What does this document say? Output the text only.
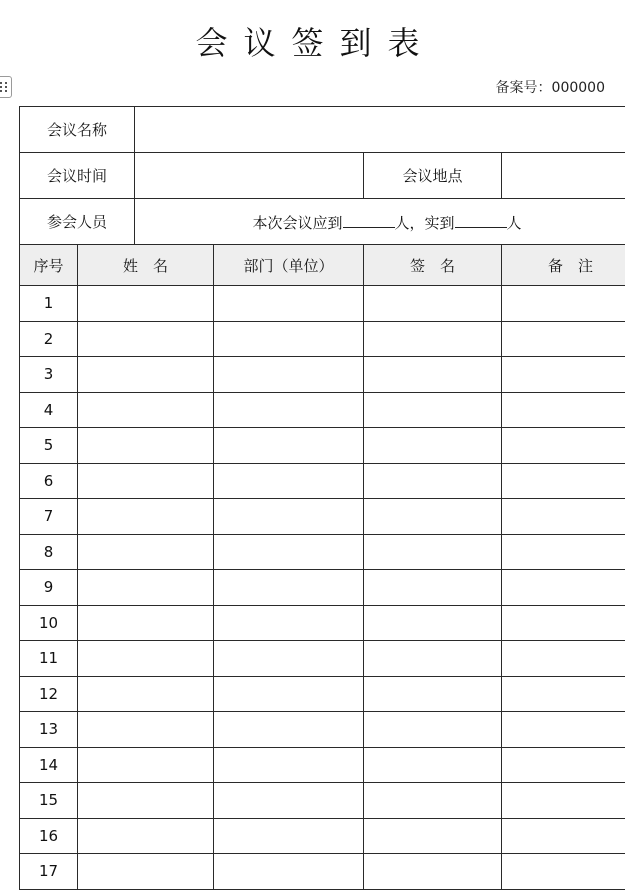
会议签到表
备案号：000000
会议名称					
会议时间				会议地点	
参会人员		本次会议应到 人，实到 人			
序号	姓　名		部门（单位）	签　名	备　注
1					
2					
3					
4					
5					
6					
7					
8					
9					
10					
11					
12					
13					
14					
15					
16					
17					
